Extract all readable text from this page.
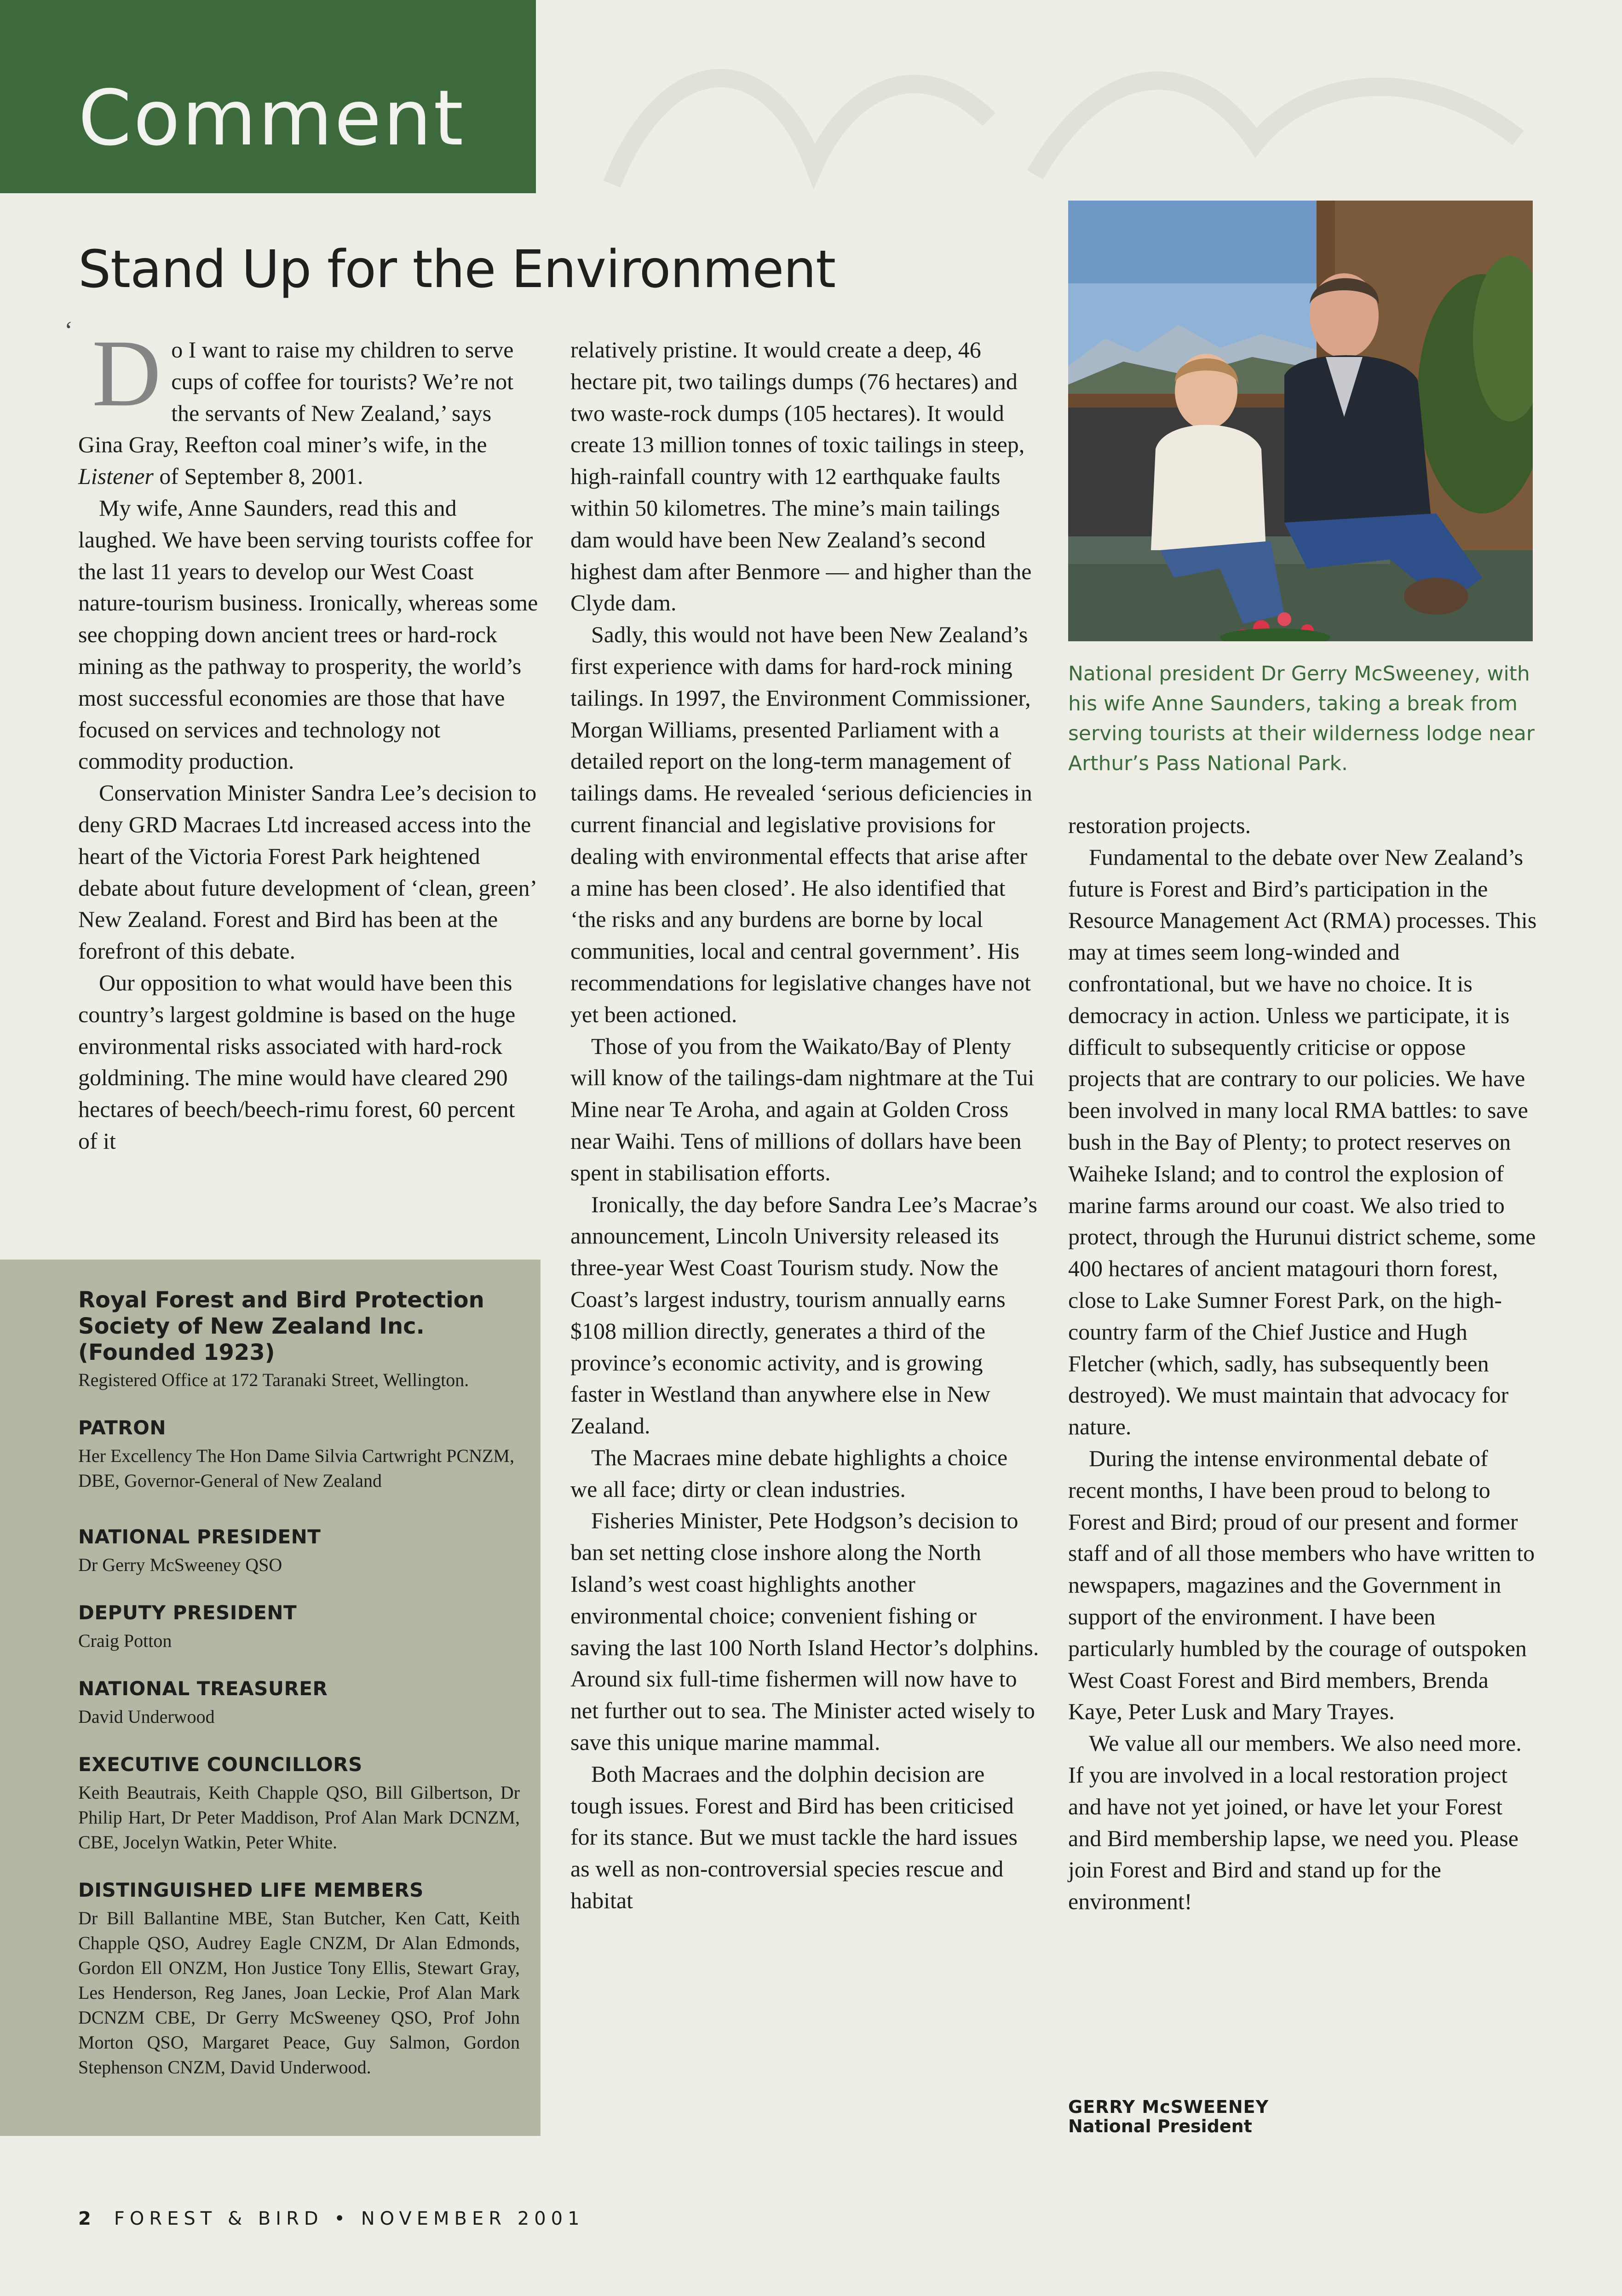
Comment
Stand Up for the Environment
‘ Do I want to raise my children to serve cups of coffee for tourists? We’re not the servants of New Zealand,’ says Gina Gray, Reefton coal miner’s wife, in the Listener of September 8, 2001.

My wife, Anne Saunders, read this and laughed. We have been serving tourists coffee for the last 11 years to develop our West Coast nature-tourism business. Ironically, whereas some see chopping down ancient trees or hard-rock mining as the pathway to prosperity, the world’s most successful economies are those that have focused on services and technology not commodity production.

Conservation Minister Sandra Lee’s decision to deny GRD Macraes Ltd increased access into the heart of the Victoria Forest Park heightened debate about future development of ‘clean, green’ New Zealand. Forest and Bird has been at the forefront of this debate.

Our opposition to what would have been this country’s largest goldmine is based on the huge environmental risks associated with hard-rock goldmining. The mine would have cleared 290 hectares of beech/beech-rimu forest, 60 percent of it

relatively pristine. It would create a deep, 46 hectare pit, two tailings dumps (76 hectares) and two waste-rock dumps (105 hectares). It would create 13 million tonnes of toxic tailings in steep, high-rainfall country with 12 earthquake faults within 50 kilometres. The mine’s main tailings dam would have been New Zealand’s second highest dam after Benmore — and higher than the Clyde dam.

Sadly, this would not have been New Zealand’s first experience with dams for hard-rock mining tailings. In 1997, the Environment Commissioner, Morgan Williams, presented Parliament with a detailed report on the long-term management of tailings dams. He revealed ‘serious deficiencies in current financial and legislative provisions for dealing with environmental effects that arise after a mine has been closed’. He also identified that ‘the risks and any burdens are borne by local communities, local and central government’. His recommendations for legislative changes have not yet been actioned.

Those of you from the Waikato/Bay of Plenty will know of the tailings-dam nightmare at the Tui Mine near Te Aroha, and again at Golden Cross near Waihi. Tens of millions of dollars have been spent in stabilisation efforts.

Ironically, the day before Sandra Lee’s Macrae’s announcement, Lincoln University released its three-year West Coast Tourism study. Now the Coast’s largest industry, tourism annually earns $108 million directly, generates a third of the province’s economic activity, and is growing faster in Westland than anywhere else in New Zealand.

The Macraes mine debate highlights a choice we all face; dirty or clean industries.

Fisheries Minister, Pete Hodgson’s decision to ban set netting close inshore along the North Island’s west coast highlights another environmental choice; convenient fishing or saving the last 100 North Island Hector’s dolphins. Around six full-time fishermen will now have to net further out to sea. The Minister acted wisely to save this unique marine mammal.

Both Macraes and the dolphin decision are tough issues. Forest and Bird has been criticised for its stance. But we must tackle the hard issues as well as non-controversial species rescue and habitat

National president Dr Gerry McSweeney, with his wife Anne Saunders, taking a break from serving tourists at their wilderness lodge near Arthur’s Pass National Park.

restoration projects.

Fundamental to the debate over New Zealand’s future is Forest and Bird’s participation in the Resource Management Act (RMA) processes. This may at times seem long-winded and confrontational, but we have no choice. It is democracy in action. Unless we participate, it is difficult to subsequently criticise or oppose projects that are contrary to our policies. We have been involved in many local RMA battles: to save bush in the Bay of Plenty; to protect reserves on Waiheke Island; and to control the explosion of marine farms around our coast. We also tried to protect, through the Hurunui district scheme, some 400 hectares of ancient matagouri thorn forest, close to Lake Sumner Forest Park, on the high-country farm of the Chief Justice and Hugh Fletcher (which, sadly, has subsequently been destroyed). We must maintain that advocacy for nature.

During the intense environmental debate of recent months, I have been proud to belong to Forest and Bird; proud of our present and former staff and of all those members who have written to newspapers, magazines and the Government in support of the environment. I have been particularly humbled by the courage of outspoken West Coast Forest and Bird members, Brenda Kaye, Peter Lusk and Mary Trayes.

We value all our members. We also need more. If you are involved in a local restoration project and have not yet joined, or have let your Forest and Bird membership lapse, we need you. Please join Forest and Bird and stand up for the environment!

GERRY McSWEENEY
National President

Royal Forest and Bird Protection Society of New Zealand Inc. (Founded 1923)

Registered Office at 172 Taranaki Street, Wellington.

PATRON

Her Excellency The Hon Dame Silvia Cartwright PCNZM, DBE, Governor-General of New Zealand

NATIONAL PRESIDENT

Dr Gerry McSweeney QSO

DEPUTY PRESIDENT

Craig Potton

NATIONAL TREASURER

David Underwood

EXECUTIVE COUNCILLORS

Keith Beautrais, Keith Chapple QSO, Bill Gilbertson, Dr Philip Hart, Dr Peter Maddison, Prof Alan Mark DCNZM, CBE, Jocelyn Watkin, Peter White.

DISTINGUISHED LIFE MEMBERS

Dr Bill Ballantine MBE, Stan Butcher, Ken Catt, Keith Chapple QSO, Audrey Eagle CNZM, Dr Alan Edmonds, Gordon Ell ONZM, Hon Justice Tony Ellis, Stewart Gray, Les Henderson, Reg Janes, Joan Leckie, Prof Alan Mark DCNZM CBE, Dr Gerry McSweeney QSO, Prof John Morton QSO, Margaret Peace, Guy Salmon, Gordon Stephenson CNZM, David Underwood.

2 FOREST & BIRD • NOVEMBER 2001
